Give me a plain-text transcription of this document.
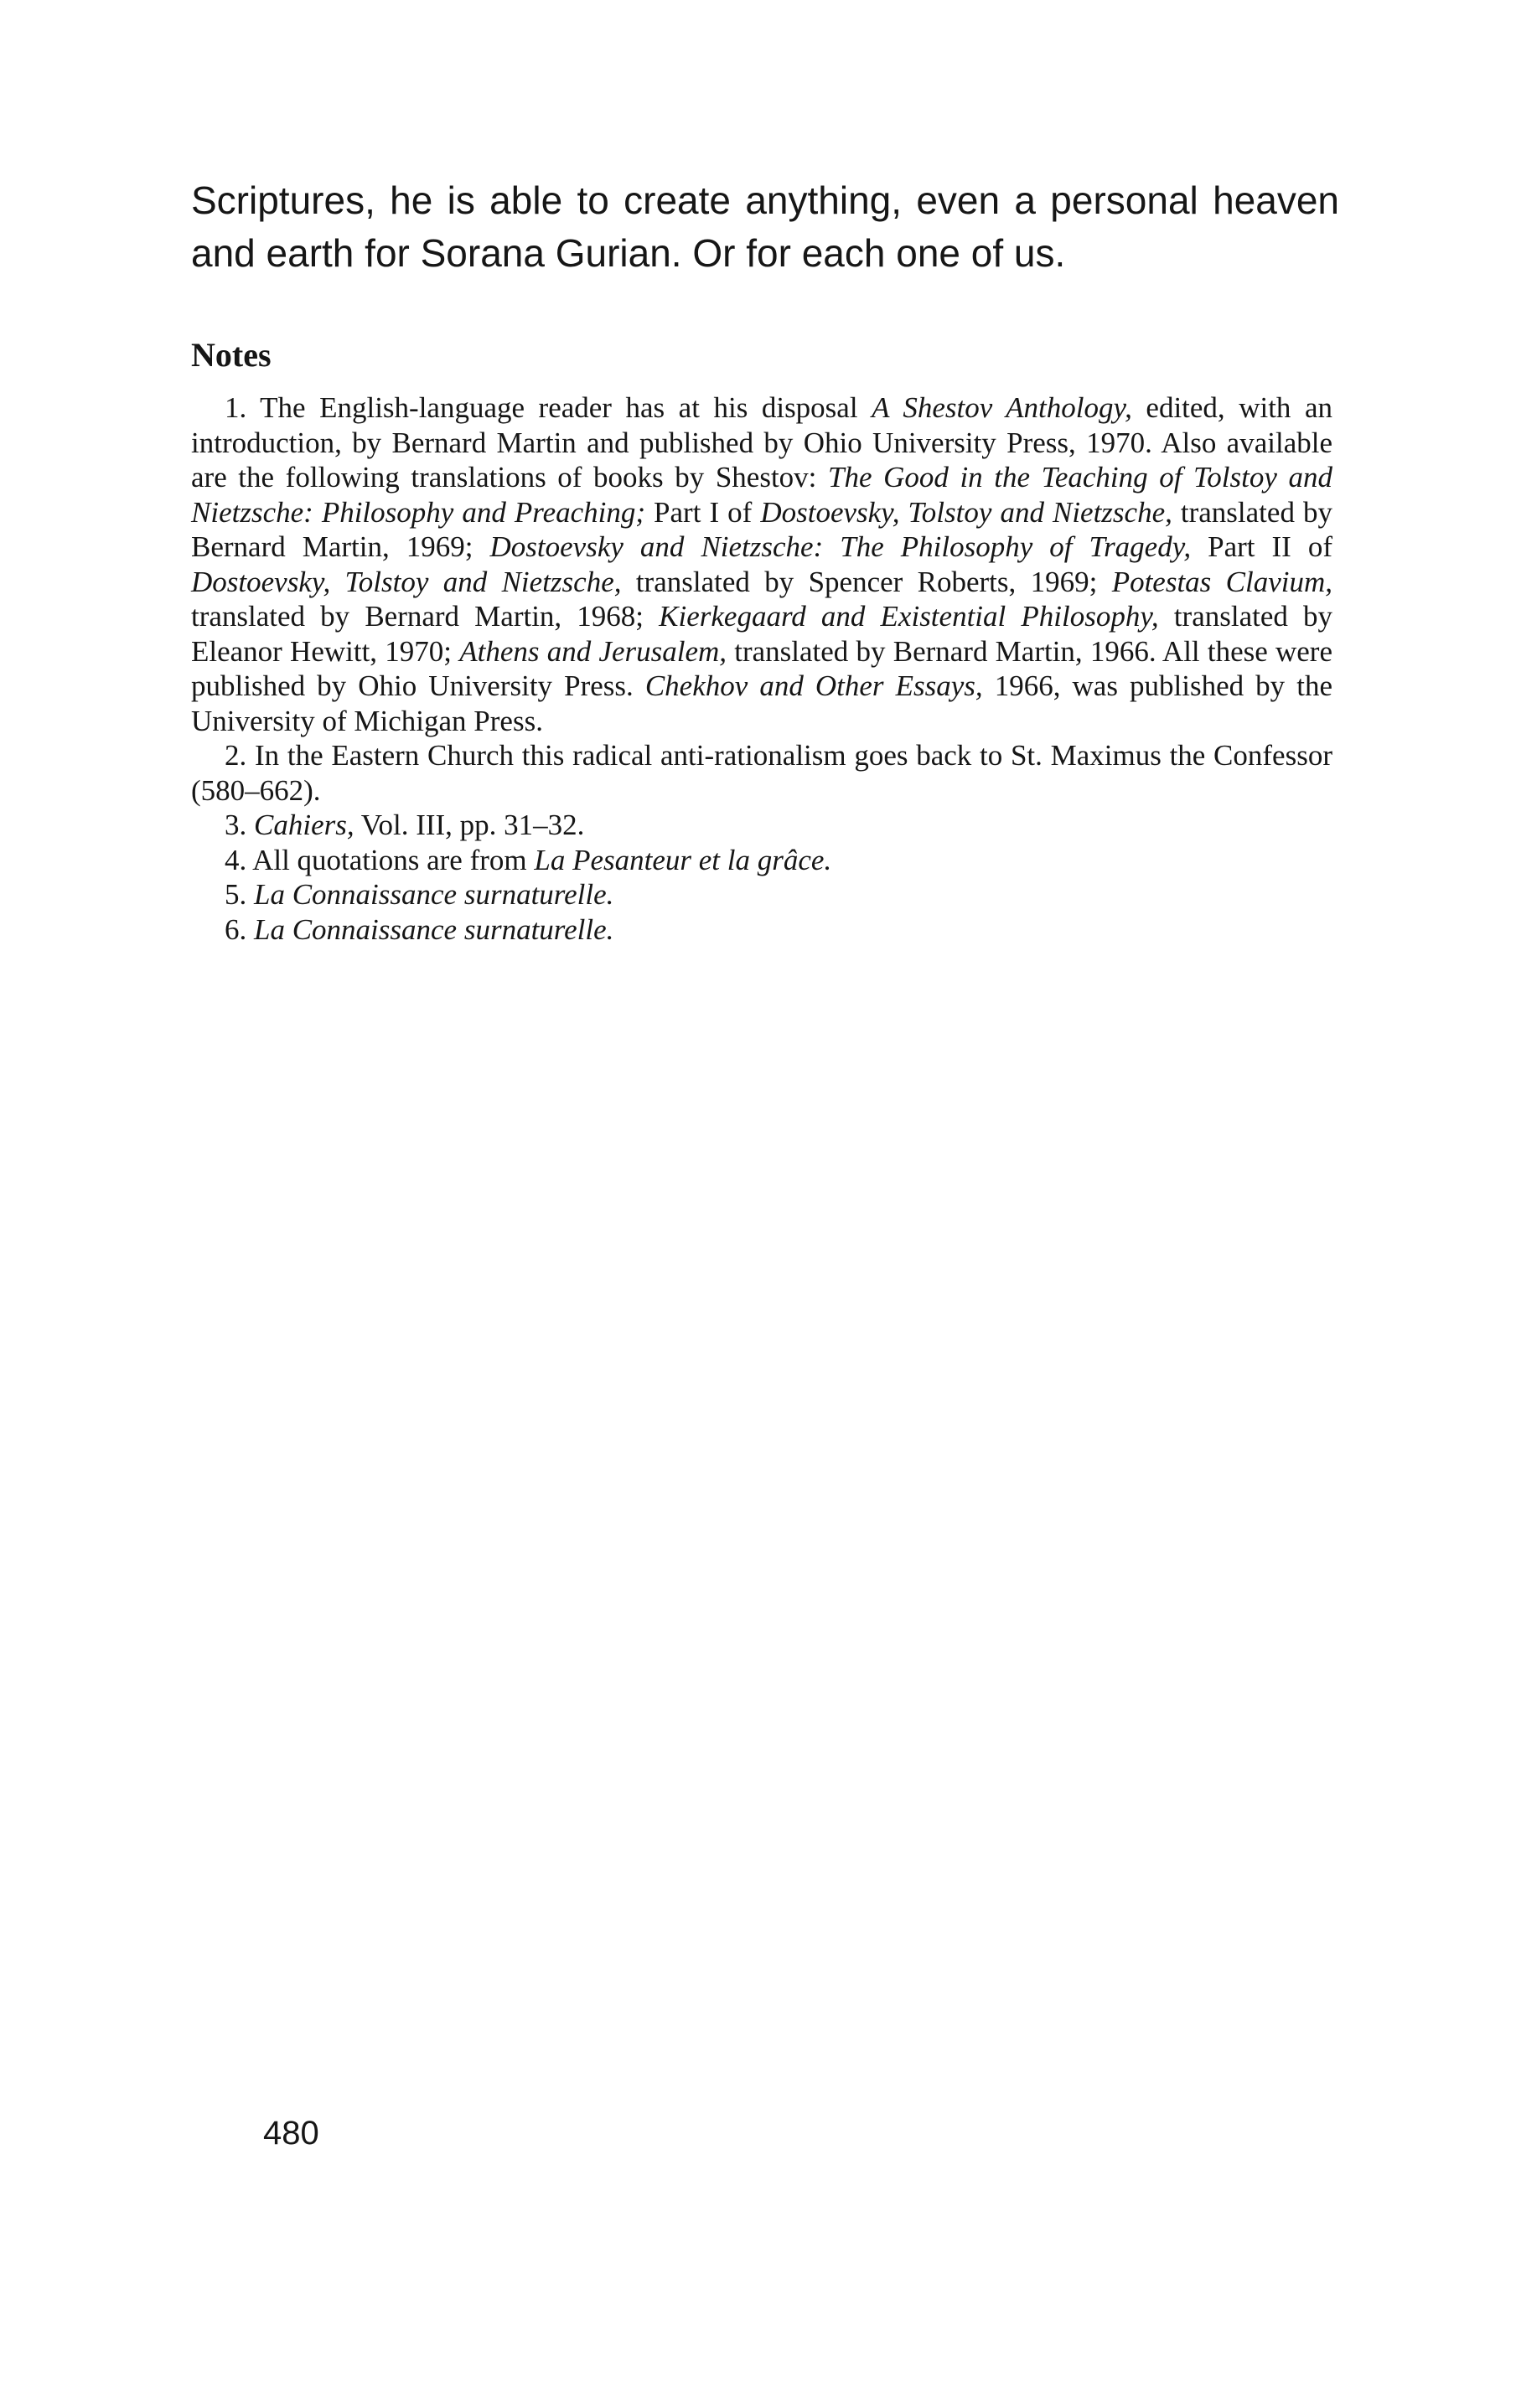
Scriptures, he is able to create anything, even a personal heaven and earth for Sorana Gurian. Or for each one of us.

Notes
1. The English-language reader has at his disposal A Shestov Anthology, edited, with an introduction, by Bernard Martin and published by Ohio University Press, 1970. Also available are the following translations of books by Shestov: The Good in the Teaching of Tolstoy and Nietzsche: Philosophy and Preaching; Part I of Dostoevsky, Tolstoy and Nietzsche, translated by Bernard Martin, 1969; Dostoevsky and Nietzsche: The Philosophy of Tragedy, Part II of Dostoevsky, Tolstoy and Nietzsche, translated by Spencer Roberts, 1969; Potestas Clavium, translated by Bernard Martin, 1968; Kierkegaard and Existential Philosophy, translated by Eleanor Hewitt, 1970; Athens and Jerusalem, translated by Bernard Martin, 1966. All these were published by Ohio University Press. Chekhov and Other Essays, 1966, was published by the University of Michigan Press.
2. In the Eastern Church this radical anti-rationalism goes back to St. Maximus the Confessor (580–662).
3. Cahiers, Vol. III, pp. 31–32.
4. All quotations are from La Pesanteur et la grâce.
5. La Connaissance surnaturelle.
6. La Connaissance surnaturelle.
480
